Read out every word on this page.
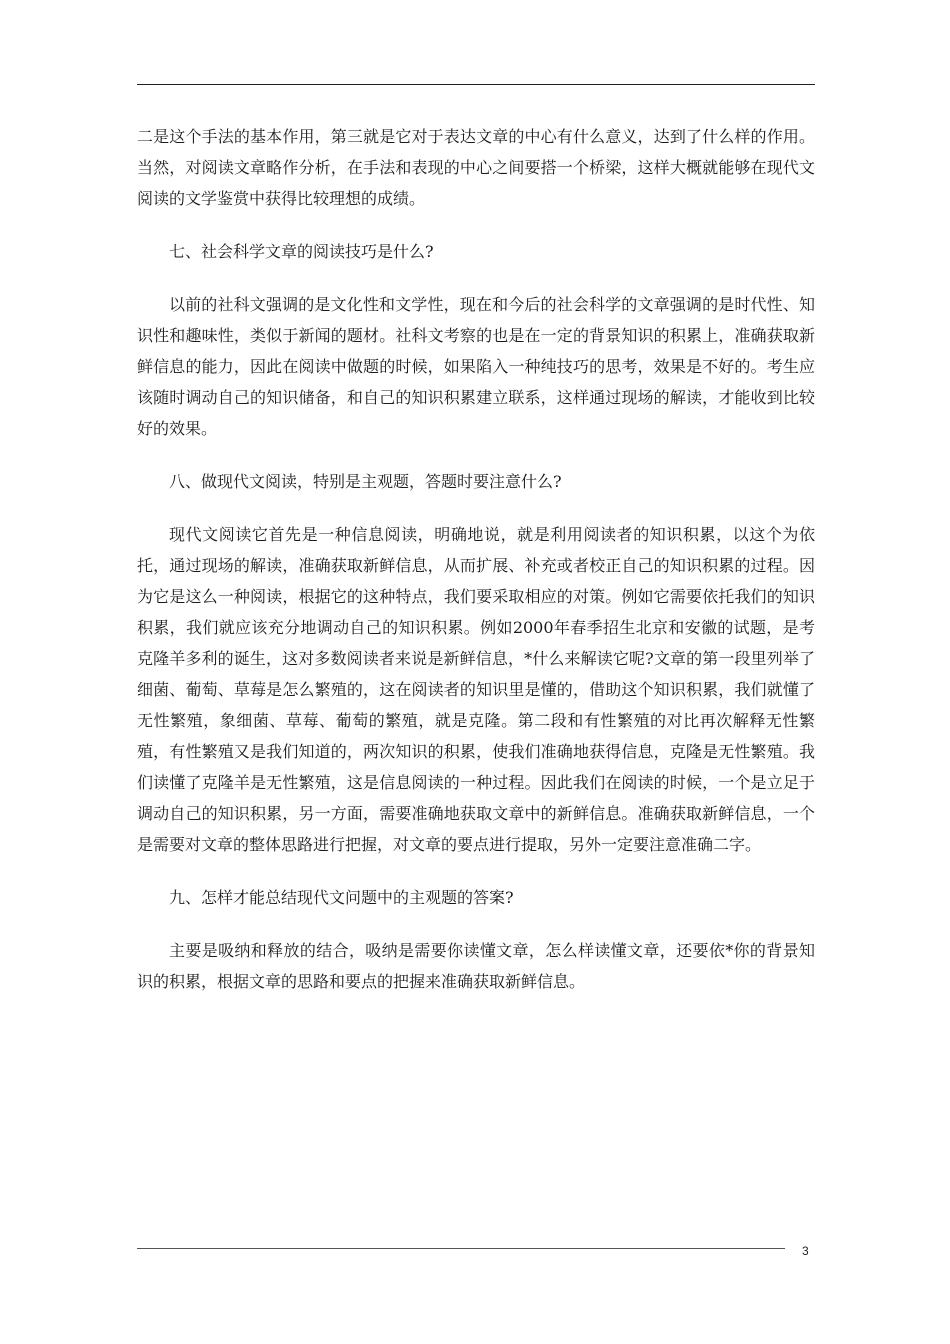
二是这个手法的基本作用，第三就是它对于表达文章的中心有什么意义，达到了什么样的作用。当然，对阅读文章略作分析，在手法和表现的中心之间要搭一个桥梁，这样大概就能够在现代文阅读的文学鉴赏中获得比较理想的成绩。

七、社会科学文章的阅读技巧是什么?

以前的社科文强调的是文化性和文学性，现在和今后的社会科学的文章强调的是时代性、知识性和趣味性，类似于新闻的题材。社科文考察的也是在一定的背景知识的积累上，准确获取新鲜信息的能力，因此在阅读中做题的时候，如果陷入一种纯技巧的思考，效果是不好的。考生应该随时调动自己的知识储备，和自己的知识积累建立联系，这样通过现场的解读，才能收到比较好的效果。

八、做现代文阅读，特别是主观题，答题时要注意什么?

现代文阅读它首先是一种信息阅读，明确地说，就是利用阅读者的知识积累，以这个为依托，通过现场的解读，准确获取新鲜信息，从而扩展、补充或者校正自己的知识积累的过程。因为它是这么一种阅读，根据它的这种特点，我们要采取相应的对策。例如它需要依托我们的知识积累，我们就应该充分地调动自己的知识积累。例如2000年春季招生北京和安徽的试题，是考克隆羊多利的诞生，这对多数阅读者来说是新鲜信息，*什么来解读它呢?文章的第一段里列举了细菌、葡萄、草莓是怎么繁殖的，这在阅读者的知识里是懂的，借助这个知识积累，我们就懂了无性繁殖，象细菌、草莓、葡萄的繁殖，就是克隆。第二段和有性繁殖的对比再次解释无性繁殖，有性繁殖又是我们知道的，两次知识的积累，使我们准确地获得信息，克隆是无性繁殖。我们读懂了克隆羊是无性繁殖，这是信息阅读的一种过程。因此我们在阅读的时候，一个是立足于调动自己的知识积累，另一方面，需要准确地获取文章中的新鲜信息。准确获取新鲜信息，一个是需要对文章的整体思路进行把握，对文章的要点进行提取，另外一定要注意准确二字。

九、怎样才能总结现代文问题中的主观题的答案?

主要是吸纳和释放的结合，吸纳是需要你读懂文章，怎么样读懂文章，还要依*你的背景知识的积累，根据文章的思路和要点的把握来准确获取新鲜信息。

3
